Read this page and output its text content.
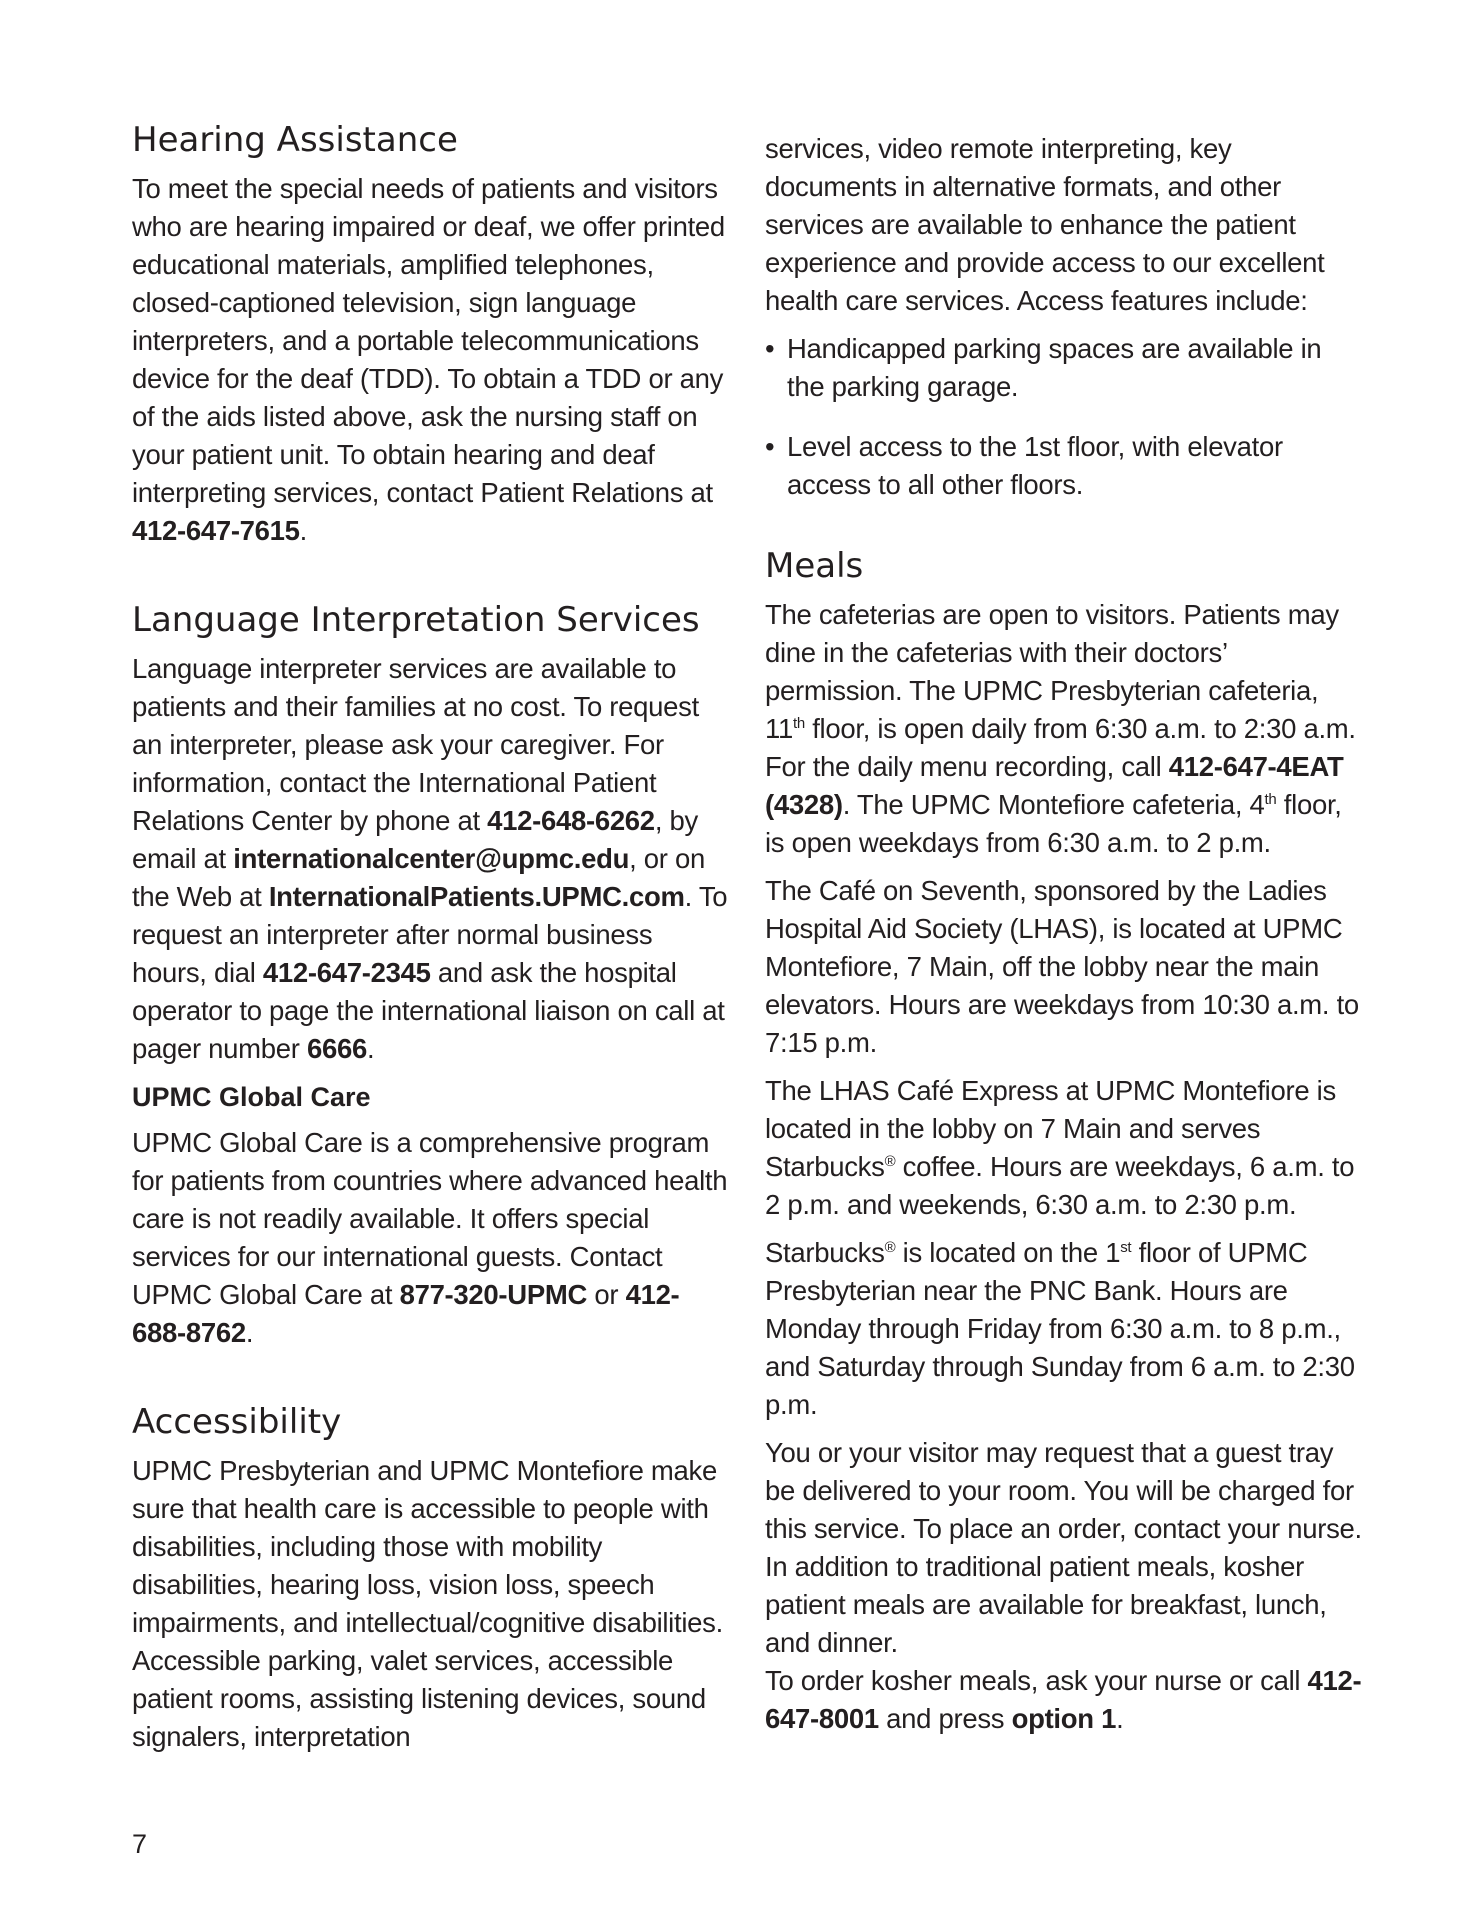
Hearing Assistance

To meet the special needs of patients and visitors who are hearing impaired or deaf, we offer printed educational materials, amplified telephones, closed-captioned television, sign language interpreters, and a portable telecommunications device for the deaf (TDD). To obtain a TDD or any of the aids listed above, ask the nursing staff on your patient unit. To obtain hearing and deaf interpreting services, contact Patient Relations at 412-647-7615.

Language Interpretation Services

Language interpreter services are available to patients and their families at no cost. To request an interpreter, please ask your caregiver. For information, contact the International Patient Relations Center by phone at 412-648-6262, by email at internationalcenter@upmc.edu, or on the Web at InternationalPatients.UPMC.com. To request an interpreter after normal business hours, dial 412-647-2345 and ask the hospital operator to page the international liaison on call at pager number 6666.

UPMC Global Care

UPMC Global Care is a comprehensive program for patients from countries where advanced health care is not readily available. It offers special services for our international guests. Contact UPMC Global Care at 877-320-UPMC or 412-688-8762.

Accessibility

UPMC Presbyterian and UPMC Montefiore make sure that health care is accessible to people with disabilities, including those with mobility disabilities, hearing loss, vision loss, speech impairments, and intellectual/cognitive disabilities. Accessible parking, valet services, accessible patient rooms, assisting listening devices, sound signalers, interpretation

services, video remote interpreting, key documents in alternative formats, and other services are available to enhance the patient experience and provide access to our excellent health care services. Access features include:

• Handicapped parking spaces are available in the parking garage.
• Level access to the 1st floor, with elevator access to all other floors.
Meals

The cafeterias are open to visitors. Patients may dine in the cafeterias with their doctors’ permission. The UPMC Presbyterian cafeteria, 11th floor, is open daily from 6:30 a.m. to 2:30 a.m. For the daily menu recording, call 412-647-4EAT (4328). The UPMC Montefiore cafeteria, 4th floor, is open weekdays from 6:30 a.m. to 2 p.m.

The Café on Seventh, sponsored by the Ladies Hospital Aid Society (LHAS), is located at UPMC Montefiore, 7 Main, off the lobby near the main elevators. Hours are weekdays from 10:30 a.m. to 7:15 p.m.

The LHAS Café Express at UPMC Montefiore is located in the lobby on 7 Main and serves Starbucks® coffee. Hours are weekdays, 6 a.m. to 2 p.m. and weekends, 6:30 a.m. to 2:30 p.m.

Starbucks® is located on the 1st floor of UPMC Presbyterian near the PNC Bank. Hours are Monday through Friday from 6:30 a.m. to 8 p.m., and Saturday through Sunday from 6 a.m. to 2:30 p.m.

You or your visitor may request that a guest tray be delivered to your room. You will be charged for this service. To place an order, contact your nurse. In addition to traditional patient meals, kosher patient meals are available for breakfast, lunch, and dinner.

To order kosher meals, ask your nurse or call 412-647-8001 and press option 1.

7
